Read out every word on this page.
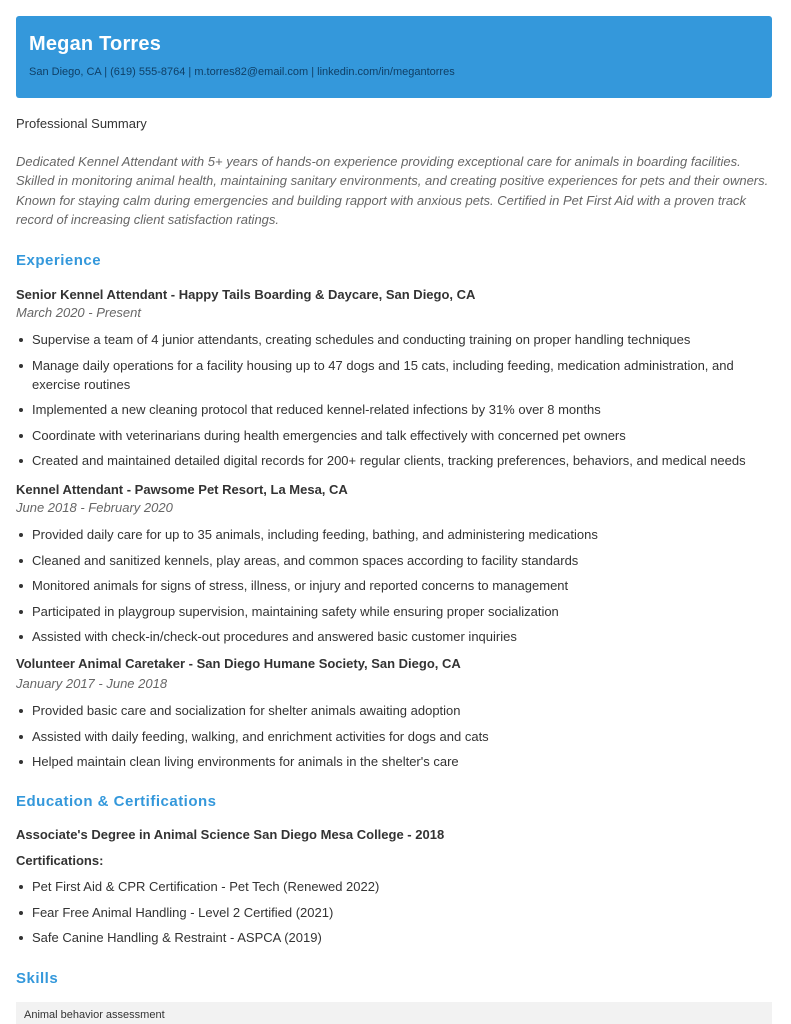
Megan Torres
San Diego, CA | (619) 555-8764 | m.torres82@email.com | linkedin.com/in/megantorres
Professional Summary
Dedicated Kennel Attendant with 5+ years of hands-on experience providing exceptional care for animals in boarding facilities. Skilled in monitoring animal health, maintaining sanitary environments, and creating positive experiences for pets and their owners. Known for staying calm during emergencies and building rapport with anxious pets. Certified in Pet First Aid with a proven track record of increasing client satisfaction ratings.
Experience
Senior Kennel Attendant - Happy Tails Boarding & Daycare, San Diego, CA
March 2020 - Present
Supervise a team of 4 junior attendants, creating schedules and conducting training on proper handling techniques
Manage daily operations for a facility housing up to 47 dogs and 15 cats, including feeding, medication administration, and exercise routines
Implemented a new cleaning protocol that reduced kennel-related infections by 31% over 8 months
Coordinate with veterinarians during health emergencies and talk effectively with concerned pet owners
Created and maintained detailed digital records for 200+ regular clients, tracking preferences, behaviors, and medical needs
Kennel Attendant - Pawsome Pet Resort, La Mesa, CA
June 2018 - February 2020
Provided daily care for up to 35 animals, including feeding, bathing, and administering medications
Cleaned and sanitized kennels, play areas, and common spaces according to facility standards
Monitored animals for signs of stress, illness, or injury and reported concerns to management
Participated in playgroup supervision, maintaining safety while ensuring proper socialization
Assisted with check-in/check-out procedures and answered basic customer inquiries
Volunteer Animal Caretaker - San Diego Humane Society, San Diego, CA
January 2017 - June 2018
Provided basic care and socialization for shelter animals awaiting adoption
Assisted with daily feeding, walking, and enrichment activities for dogs and cats
Helped maintain clean living environments for animals in the shelter's care
Education & Certifications
Associate's Degree in Animal Science San Diego Mesa College - 2018
Certifications:
Pet First Aid & CPR Certification - Pet Tech (Renewed 2022)
Fear Free Animal Handling - Level 2 Certified (2021)
Safe Canine Handling & Restraint - ASPCA (2019)
Skills
Animal behavior assessment
